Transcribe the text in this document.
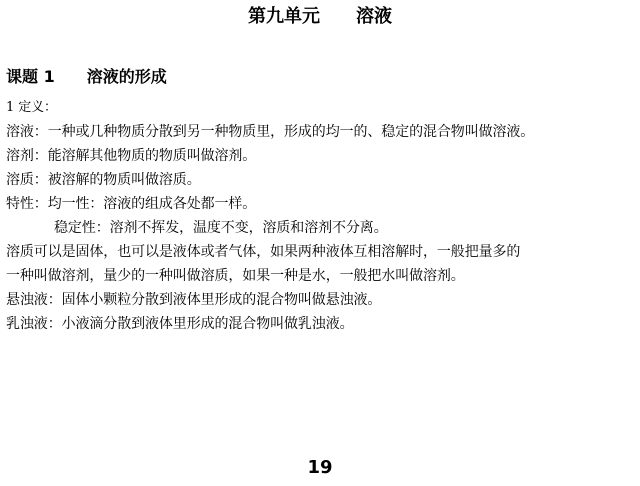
第九单元　　溶液
课题 1　　溶液的形成
1 定义：
溶液：一种或几种物质分散到另一种物质里，形成的均一的、稳定的混合物叫做溶液。
溶剂：能溶解其他物质的物质叫做溶剂。
溶质：被溶解的物质叫做溶质。
特性：均一性：溶液的组成各处都一样。
稳定性：溶剂不挥发，温度不变，溶质和溶剂不分离。
溶质可以是固体，也可以是液体或者气体，如果两种液体互相溶解时，一般把量多的
一种叫做溶剂，量少的一种叫做溶质，如果一种是水，一般把水叫做溶剂。
悬浊液：固体小颗粒分散到液体里形成的混合物叫做悬浊液。
乳浊液：小液滴分散到液体里形成的混合物叫做乳浊液。
19
